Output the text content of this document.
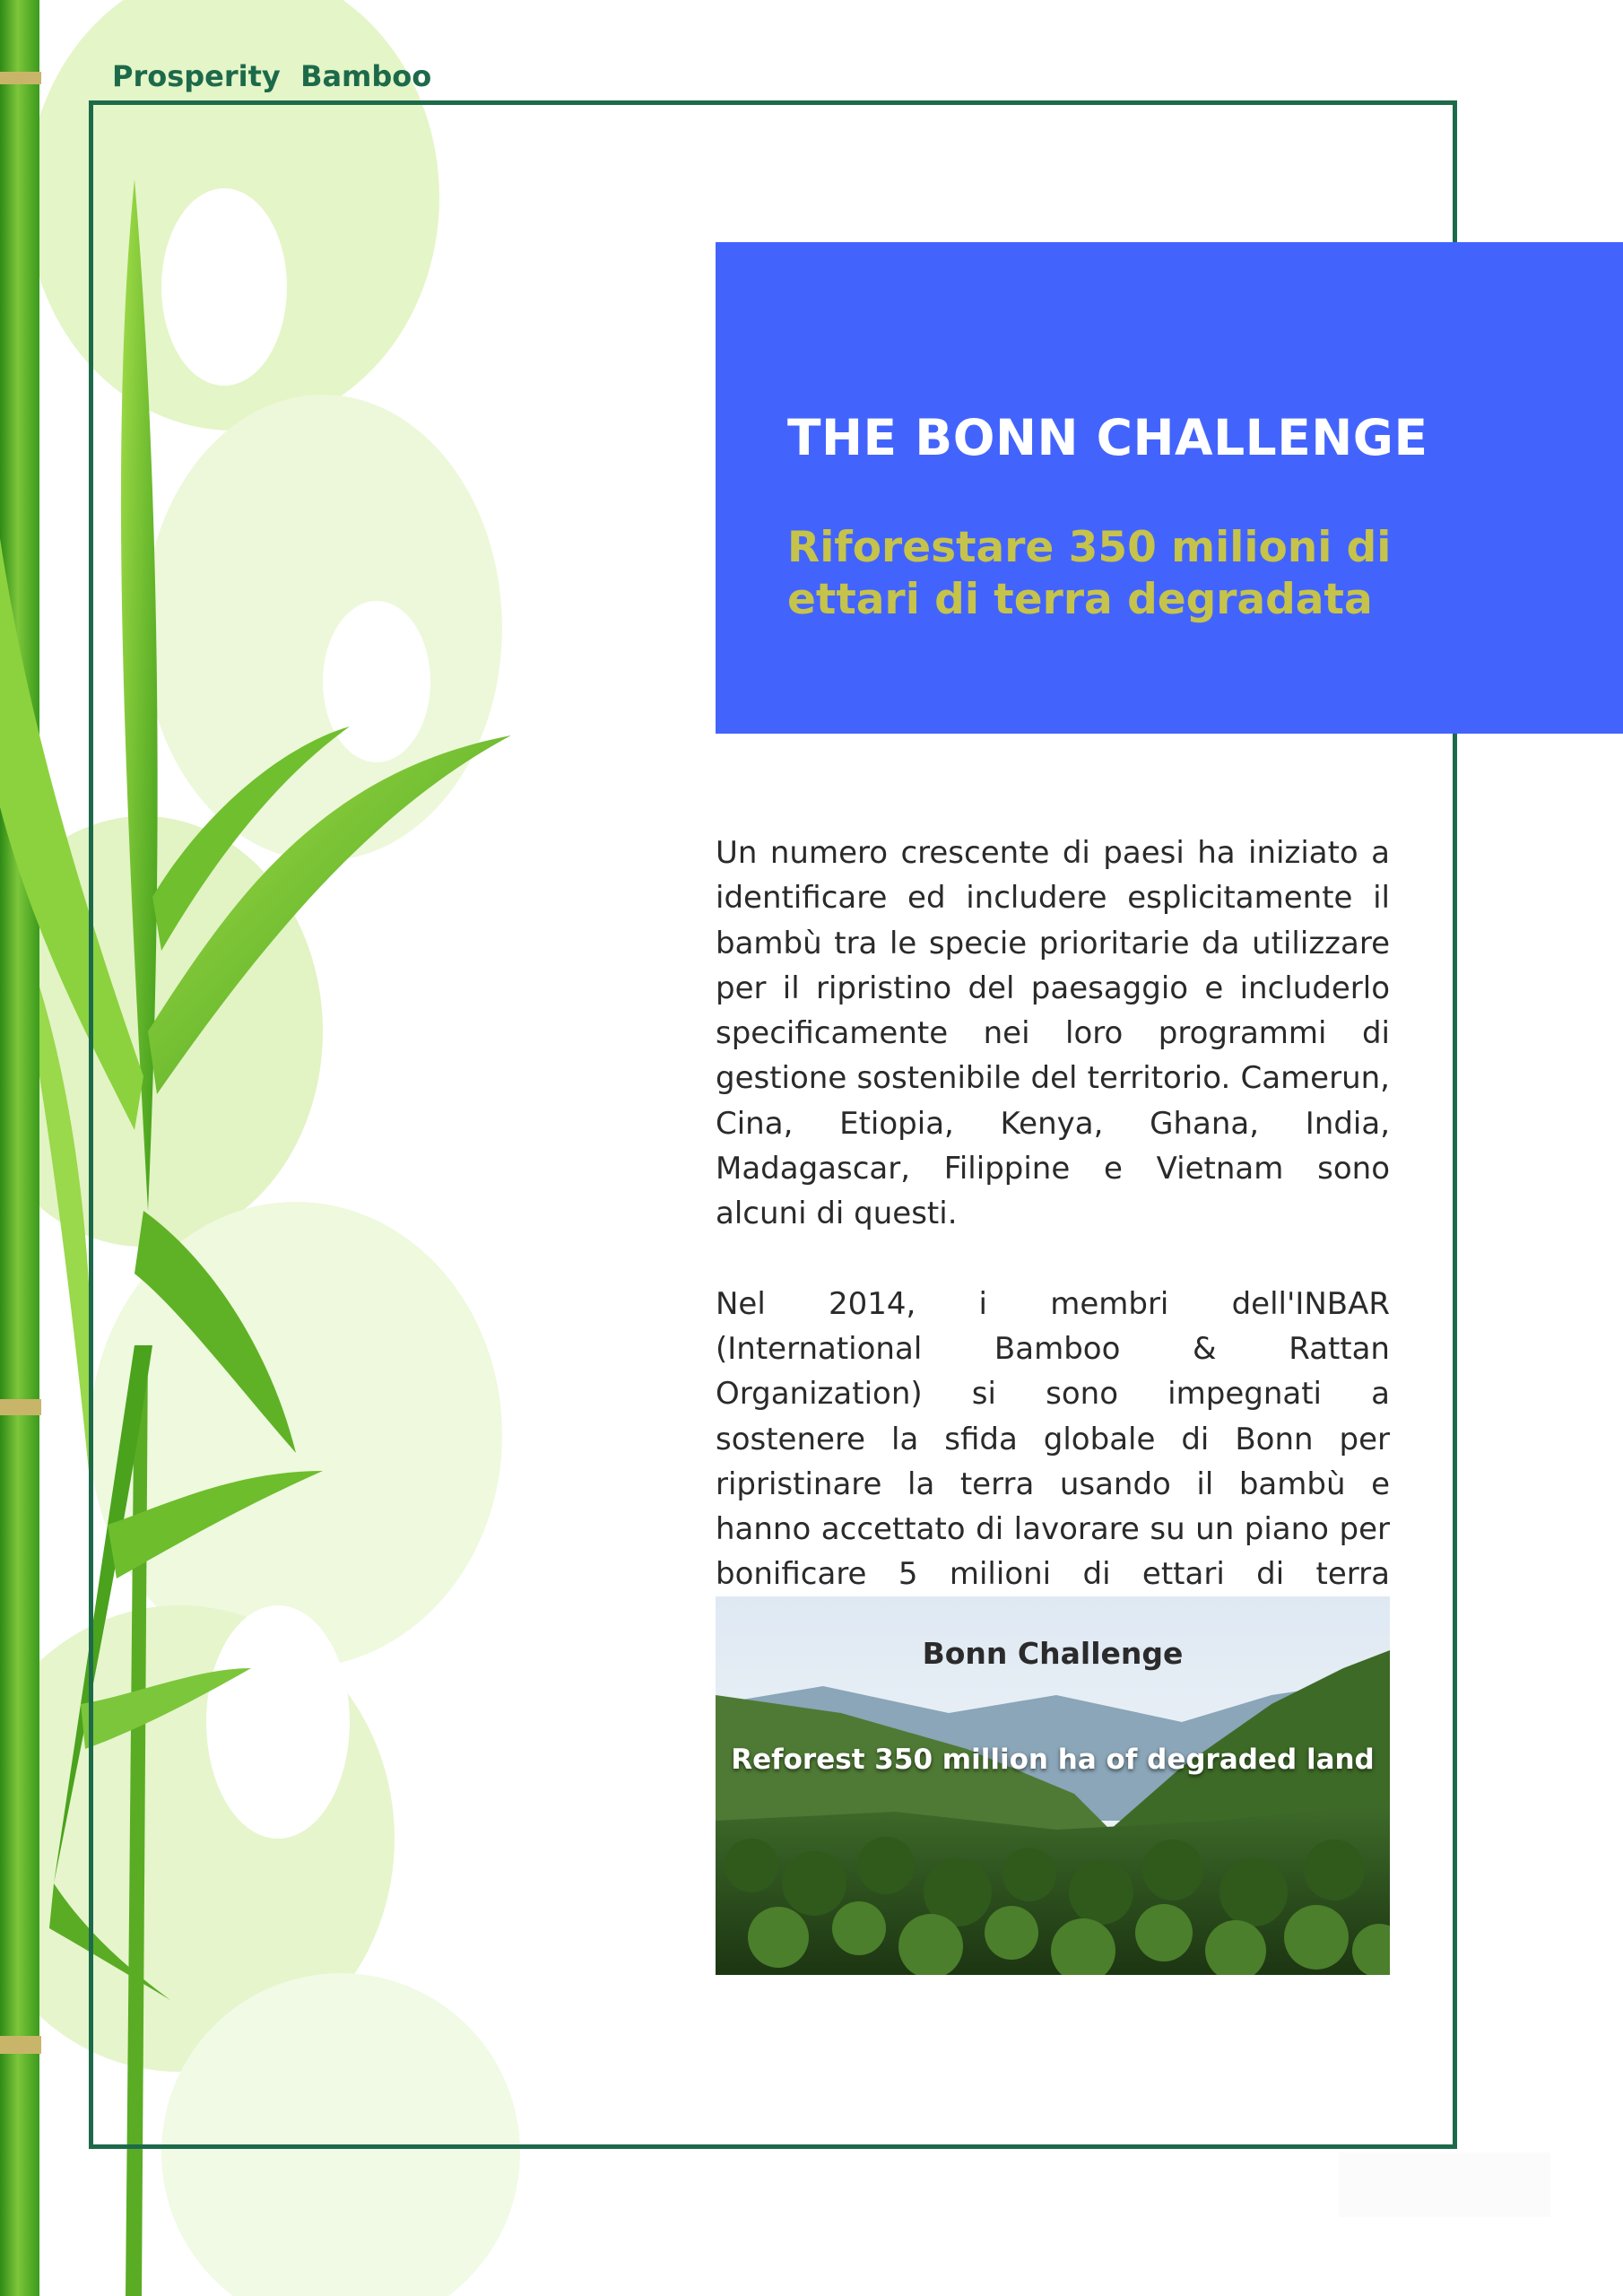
Prosperity  Bamboo
THE BONN CHALLENGE

Riforestare 350 milioni di ettari di terra degradata

Un numero crescente di paesi ha iniziato a identificare ed includere esplicitamente il bambù tra le specie prioritarie da utilizzare per il ripristino del paesaggio e includerlo specificamente nei loro programmi di gestione sostenibile del territorio. Camerun, Cina, Etiopia, Kenya, Ghana, India, Madagascar, Filippine e Vietnam sono alcuni di questi.

Nel 2014, i membri dell'INBAR (International Bamboo & Rattan Organization) si sono impegnati a sostenere la sfida globale di Bonn per ripristinare la terra usando il bambù e hanno accettato di lavorare su un piano per bonificare 5 milioni di ettari di terra

Bonn Challenge
Reforest 350 million ha of degraded land
